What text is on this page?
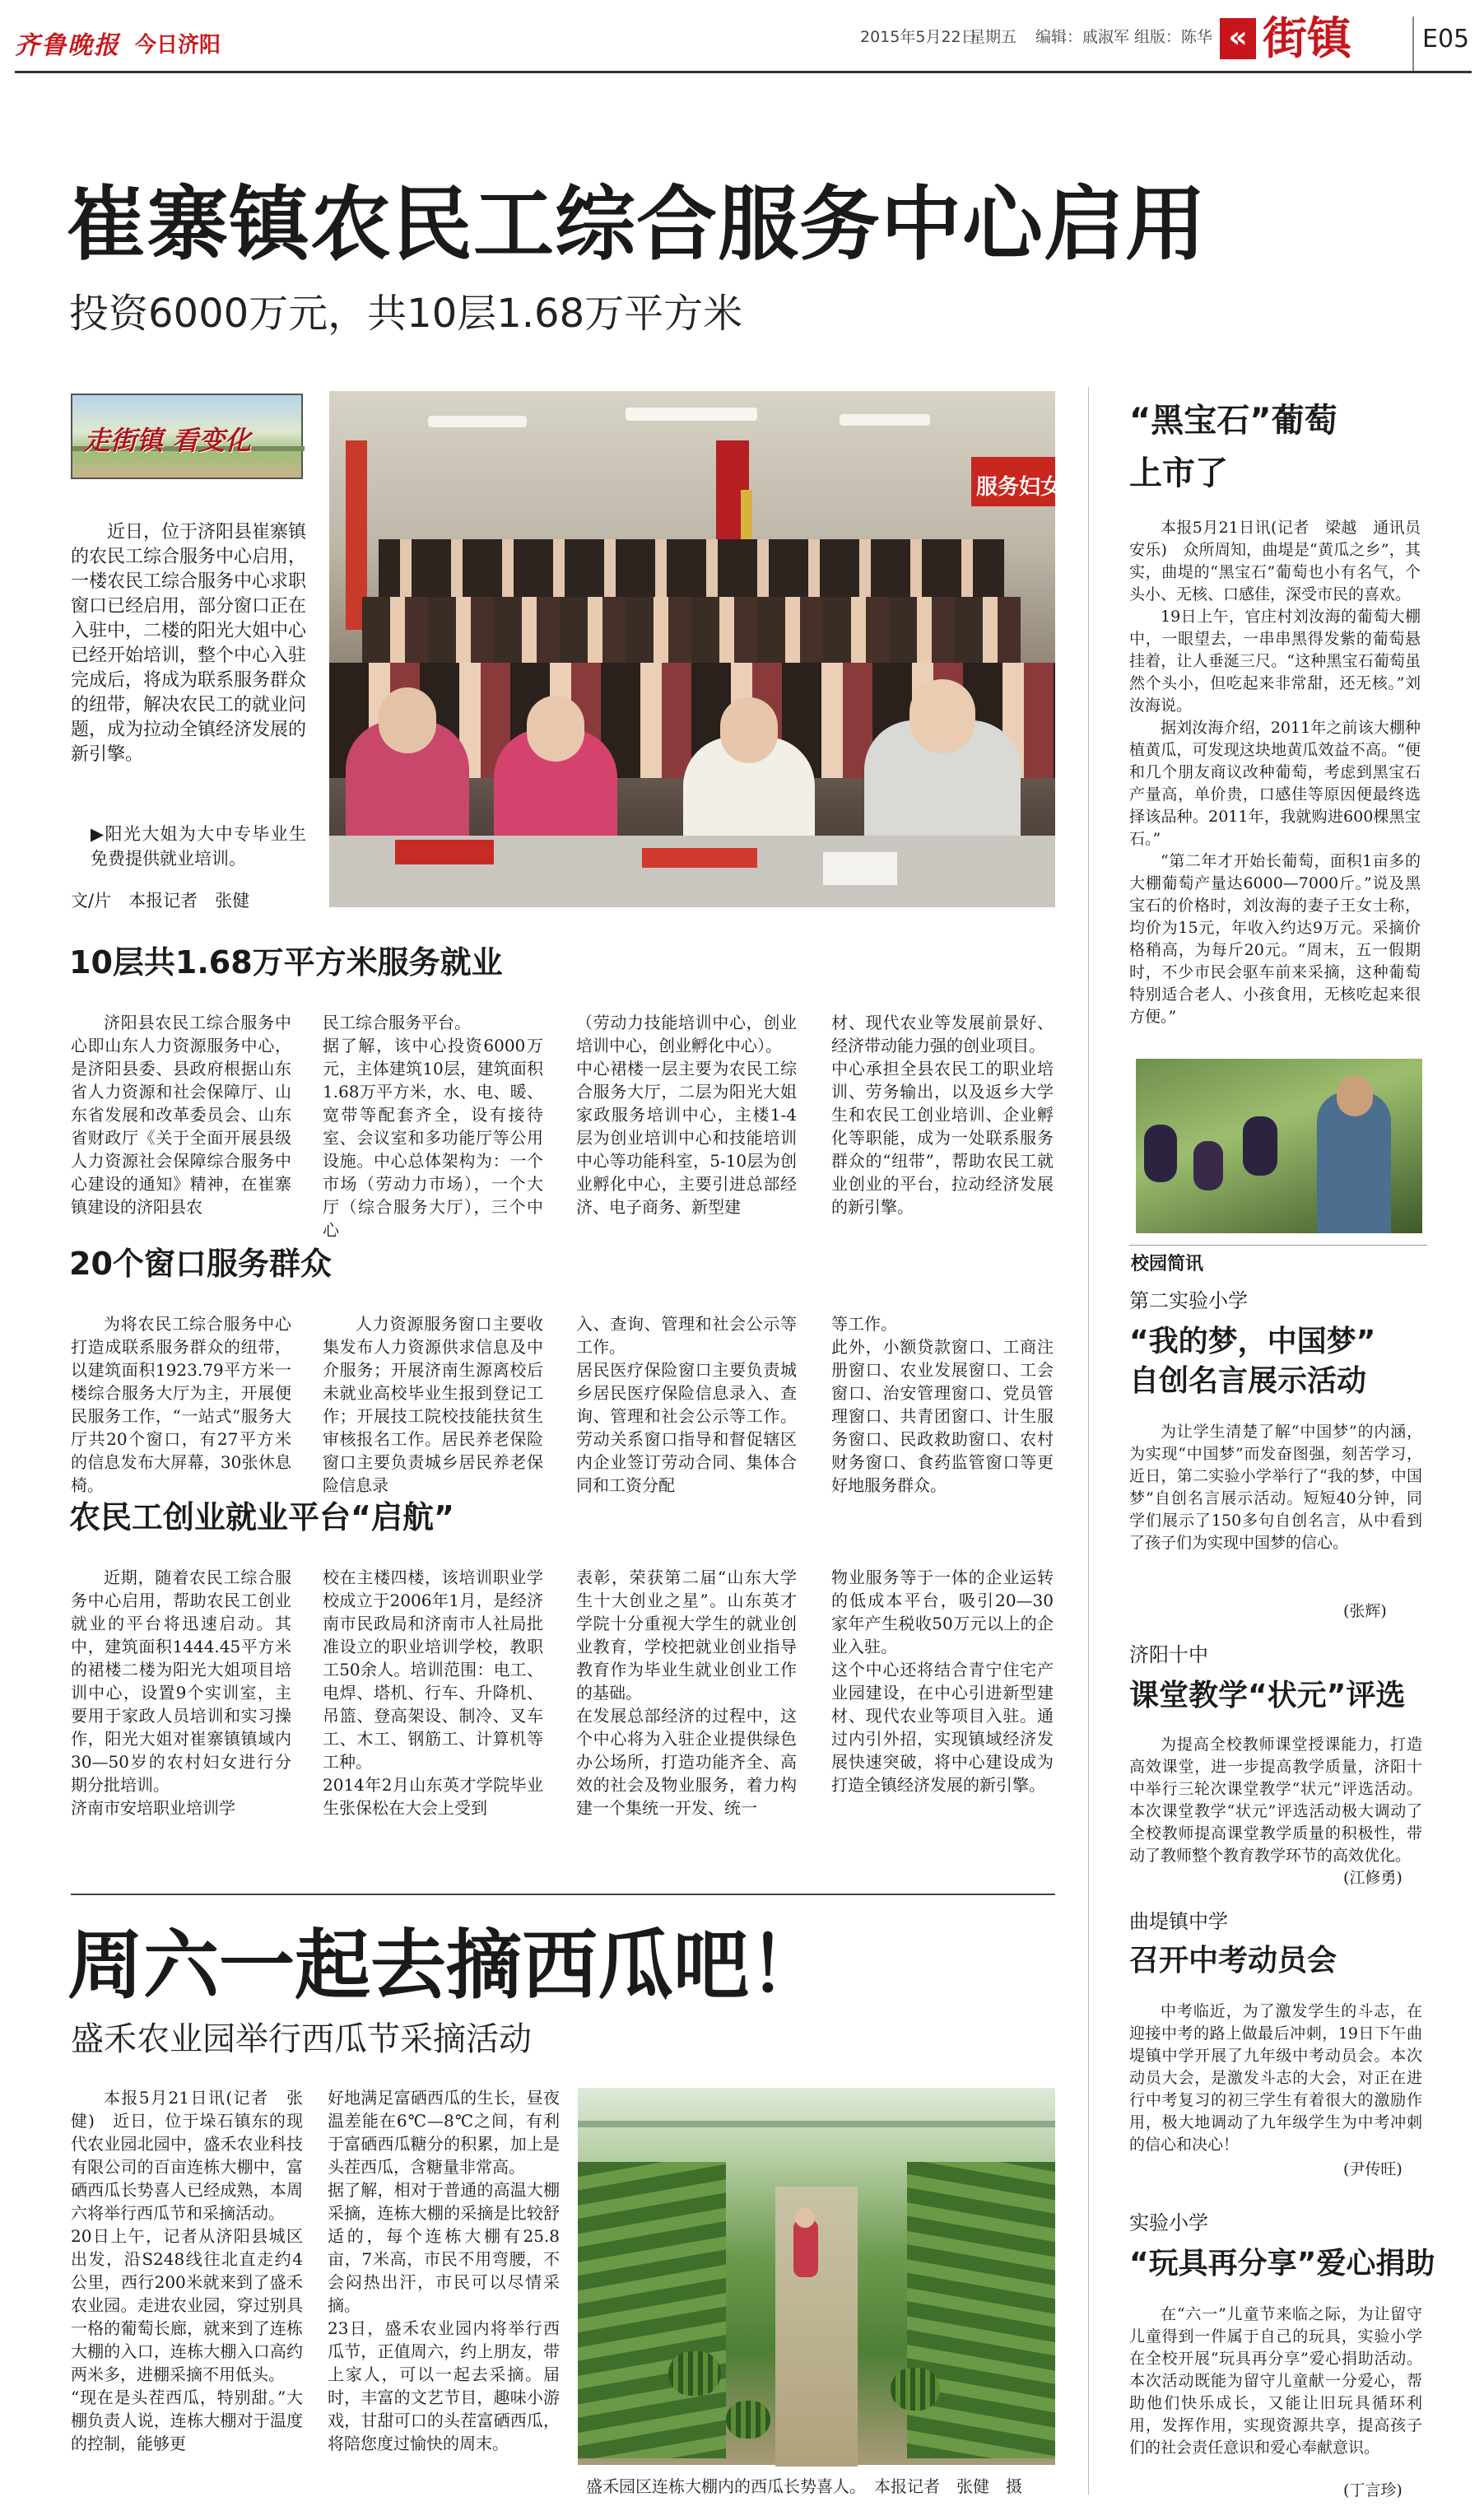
齐鲁晚报 今日济阳	2015年5月22日
星期五 编辑：戚淑军 组版：陈华 « 街镇	E05
崔寨镇农民工综合服务中心启用
投资6000万元，共10层1.68万平方米
走街镇 看变化

近日，位于济阳县崔寨镇的农民工综合服务中心启用，一楼农民工综合服务中心求职窗口已经启用，部分窗口正在入驻中，二楼的阳光大姐中心已经开始培训，整个中心入驻完成后，将成为联系服务群众的纽带，解决农民工的就业问题，成为拉动全镇经济发展的新引擎。

▶阳光大姐为大中专毕业生免费提供就业培训。

文/片　本报记者　张健
服务妇女
10层共1.68万平方米服务就业

济阳县农民工综合服务中心即山东人力资源服务中心，是济阳县委、县政府根据山东省人力资源和社会保障厅、山东省发展和改革委员会、山东省财政厅《关于全面开展县级人力资源社会保障综合服务中心建设的通知》精神，在崔寨镇建设的济阳县农

民工综合服务平台。
据了解，该中心投资6000万元，主体建筑10层，建筑面积1.68万平方米，水、电、暖、宽带等配套齐全，设有接待室、会议室和多功能厅等公用设施。中心总体架构为：一个市场（劳动力市场），一个大厅（综合服务大厅），三个中心

（劳动力技能培训中心，创业培训中心，创业孵化中心）。
中心裙楼一层主要为农民工综合服务大厅，二层为阳光大姐家政服务培训中心，主楼1-4层为创业培训中心和技能培训中心等功能科室，5-10层为创业孵化中心，主要引进总部经济、电子商务、新型建

材、现代农业等发展前景好、经济带动能力强的创业项目。
中心承担全县农民工的职业培训、劳务输出，以及返乡大学生和农民工创业培训、企业孵化等职能，成为一处联系服务群众的“纽带”，帮助农民工就业创业的平台，拉动经济发展的新引擎。

20个窗口服务群众

为将农民工综合服务中心打造成联系服务群众的纽带，以建筑面积1923.79平方米一楼综合服务大厅为主，开展便民服务工作，“一站式”服务大厅共20个窗口，有27平方米的信息发布大屏幕，30张休息椅。

人力资源服务窗口主要收集发布人力资源供求信息及中介服务；开展济南生源离校后未就业高校毕业生报到登记工作；开展技工院校技能扶贫生审核报名工作。居民养老保险窗口主要负责城乡居民养老保险信息录

入、查询、管理和社会公示等工作。
居民医疗保险窗口主要负责城乡居民医疗保险信息录入、查询、管理和社会公示等工作。劳动关系窗口指导和督促辖区内企业签订劳动合同、集体合同和工资分配

等工作。
此外，小额贷款窗口、工商注册窗口、农业发展窗口、工会窗口、治安管理窗口、党员管理窗口、共青团窗口、计生服务窗口、民政救助窗口、农村财务窗口、食药监管窗口等更好地服务群众。

农民工创业就业平台“启航”

近期，随着农民工综合服务中心启用，帮助农民工创业就业的平台将迅速启动。其中，建筑面积1444.45平方米的裙楼二楼为阳光大姐项目培训中心，设置9个实训室，主要用于家政人员培训和实习操作，阳光大姐对崔寨镇镇域内30—50岁的农村妇女进行分期分批培训。
济南市安培职业培训学

校在主楼四楼，该培训职业学校成立于2006年1月，是经济南市民政局和济南市人社局批准设立的职业培训学校，教职工50余人。培训范围：电工、电焊、塔机、行车、升降机、吊篮、登高架设、制冷、叉车工、木工、钢筋工、计算机等工种。
2014年2月山东英才学院毕业生张保松在大会上受到

表彰，荣获第二届“山东大学生十大创业之星”。山东英才学院十分重视大学生的就业创业教育，学校把就业创业指导教育作为毕业生就业创业工作的基础。
在发展总部经济的过程中，这个中心将为入驻企业提供绿色办公场所，打造功能齐全、高效的社会及物业服务，着力构建一个集统一开发、统一

物业服务等于一体的企业运转的低成本平台，吸引20—30家年产生税收50万元以上的企业入驻。
这个中心还将结合青宁住宅产业园建设，在中心引进新型建材、现代农业等项目入驻。通过内引外招，实现镇域经济发展快速突破，将中心建设成为打造全镇经济发展的新引擎。

周六一起去摘西瓜吧！
盛禾农业园举行西瓜节采摘活动

本报5月21日讯(记者　张健)　近日，位于垛石镇东的现代农业园北园中，盛禾农业科技有限公司的百亩连栋大棚中，富硒西瓜长势喜人已经成熟，本周六将举行西瓜节和采摘活动。
20日上午，记者从济阳县城区出发，沿S248线往北直走约4公里，西行200米就来到了盛禾农业园。走进农业园，穿过别具一格的葡萄长廊，就来到了连栋大棚的入口，连栋大棚入口高约两米多，进棚采摘不用低头。
“现在是头茬西瓜，特别甜。”大棚负责人说，连栋大棚对于温度的控制，能够更

好地满足富硒西瓜的生长，昼夜温差能在6℃—8℃之间，有利于富硒西瓜糖分的积累，加上是头茬西瓜，含糖量非常高。
据了解，相对于普通的高温大棚采摘，连栋大棚的采摘是比较舒适的，每个连栋大棚有25.8亩，7米高，市民不用弯腰，不会闷热出汗，市民可以尽情采摘。
23日，盛禾农业园内将举行西瓜节，正值周六，约上朋友，带上家人，可以一起去采摘。届时，丰富的文艺节目，趣味小游戏，甘甜可口的头茬富硒西瓜，将陪您度过愉快的周末。

盛禾园区连栋大棚内的西瓜长势喜人。　本报记者　张健　摄
“黑宝石”葡萄
上市了

本报5月21日讯(记者　梁越　通讯员　安乐)　众所周知，曲堤是“黄瓜之乡”，其实，曲堤的“黑宝石”葡萄也小有名气，个头小、无核、口感佳，深受市民的喜欢。

19日上午，官庄村刘汝海的葡萄大棚中，一眼望去，一串串黑得发紫的葡萄悬挂着，让人垂涎三尺。“这种黑宝石葡萄虽然个头小，但吃起来非常甜，还无核。”刘汝海说。

据刘汝海介绍，2011年之前该大棚种植黄瓜，可发现这块地黄瓜效益不高。“便和几个朋友商议改种葡萄，考虑到黑宝石产量高，单价贵，口感佳等原因便最终选择该品种。2011年，我就购进600棵黑宝石。”

“第二年才开始长葡萄，面积1亩多的大棚葡萄产量达6000—7000斤。”说及黑宝石的价格时，刘汝海的妻子王女士称，均价为15元，年收入约达9万元。采摘价格稍高，为每斤20元。“周末，五一假期时，不少市民会驱车前来采摘，这种葡萄特别适合老人、小孩食用，无核吃起来很方便。”

校园简讯
第二实验小学
“我的梦，中国梦”
自创名言展示活动

为让学生清楚了解“中国梦”的内涵，为实现“中国梦”而发奋图强，刻苦学习，近日，第二实验小学举行了“我的梦，中国梦”自创名言展示活动。短短40分钟，同学们展示了150多句自创名言，从中看到了孩子们为实现中国梦的信心。

(张辉)
济阳十中
课堂教学“状元”评选

为提高全校教师课堂授课能力，打造高效课堂，进一步提高教学质量，济阳十中举行三轮次课堂教学“状元”评选活动。本次课堂教学“状元”评选活动极大调动了全校教师提高课堂教学质量的积极性，带动了教师整个教育教学环节的高效优化。

(江修勇)
曲堤镇中学
召开中考动员会

中考临近，为了激发学生的斗志，在迎接中考的路上做最后冲刺，19日下午曲堤镇中学开展了九年级中考动员会。本次动员大会，是激发斗志的大会，对正在进行中考复习的初三学生有着很大的激励作用，极大地调动了九年级学生为中考冲刺的信心和决心！

(尹传旺)
实验小学
“玩具再分享”爱心捐助

在“六一”儿童节来临之际，为让留守儿童得到一件属于自己的玩具，实验小学在全校开展“玩具再分享”爱心捐助活动。本次活动既能为留守儿童献一分爱心，帮助他们快乐成长，又能让旧玩具循环利用，发挥作用，实现资源共享，提高孩子们的社会责任意识和爱心奉献意识。

(丁言珍)
